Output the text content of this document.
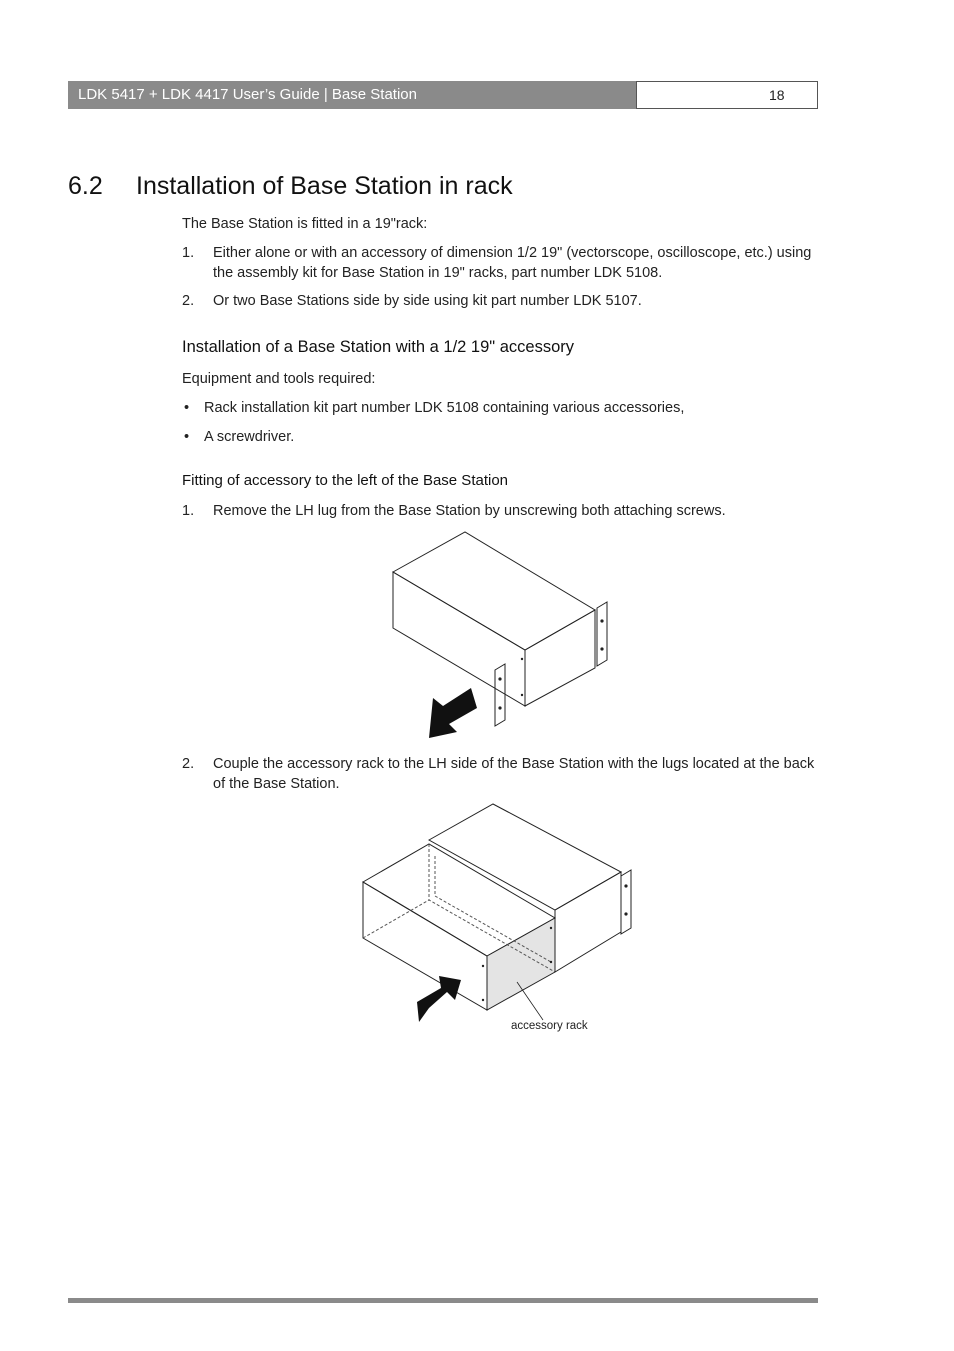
LDK 5417 + LDK 4417 User’s Guide | Base Station	18
6.2 Installation of Base Station in rack
The Base Station is fitted in a 19"rack:
1. Either alone or with an accessory of dimension 1/2 19" (vectorscope, oscilloscope, etc.) using the assembly kit for Base Station in 19" racks, part number LDK 5108.
2. Or two Base Stations side by side using kit part number LDK 5107.
Installation of a Base Station with a 1/2 19" accessory
Equipment and tools required:
• Rack installation kit part number LDK 5108 containing various accessories,
• A screwdriver.
Fitting of accessory to the left of the Base Station
1. Remove the LH lug from the Base Station by unscrewing both attaching screws.
2. Couple the accessory rack to the LH side of the Base Station with the lugs located at the back of the Base Station.
accessory rack
